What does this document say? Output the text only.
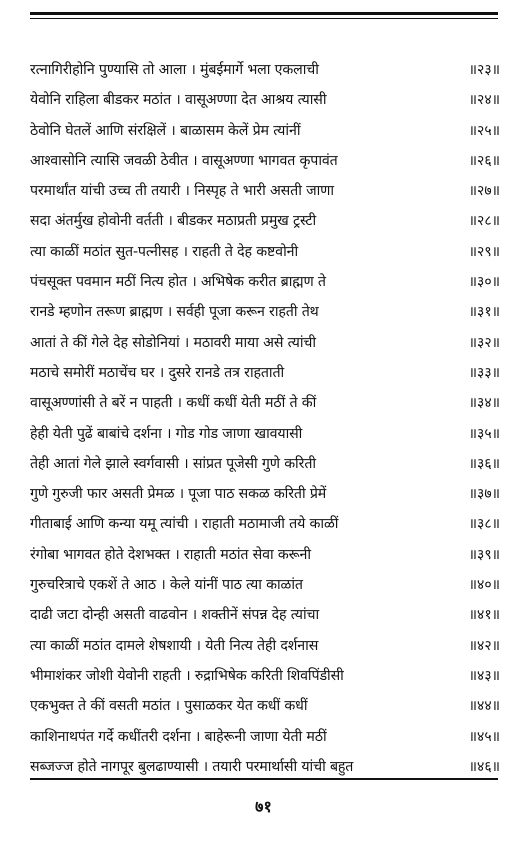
रत्नागिरीहोनि पुण्यासि तो आला । मुंबईमार्गे भला एकलाची	॥२३॥
येवोनि राहिला बीडकर मठांत । वासूअण्णा देत आश्रय त्यासी	॥२४॥
ठेवोनि घेतलें आणि संरक्षिलें । बाळासम केलें प्रेम त्यांनीं	॥२५॥
आश्वासोनि त्यासि जवळी ठेवीत । वासूअण्णा भागवत कृपावंत	॥२६॥
परमार्थांत यांची उच्च ती तयारी । निस्पृह ते भारी असती जाणा	॥२७॥
सदा अंतर्मुख होवोनी वर्तती । बीडकर मठाप्रती प्रमुख ट्रस्टी	॥२८॥
त्या काळीं मठांत सुत-पत्नीसह । राहती ते देह कष्टवोनी	॥२९॥
पंचसूक्त पवमान मठीं नित्य होत । अभिषेक करीत ब्राह्मण ते	॥३०॥
रानडे म्हणोन तरूण ब्राह्मण । सर्वही पूजा करून राहती तेथ	॥३१॥
आतां ते कीं गेले देह सोडोनियां । मठावरी माया असे त्यांची	॥३२॥
मठाचे समोरीं मठाचेंच घर । दुसरे रानडे तत्र राहताती	॥३३॥
वासूअण्णांसी ते बरें न पाहती । कधीं कधीं येती मठीं ते कीं	॥३४॥
हेही येती पुढें बाबांचे दर्शना । गोड गोड जाणा खावयासी	॥३५॥
तेही आतां गेले झाले स्वर्गवासी । सांप्रत पूजेसी गुणे करिती	॥३६॥
गुणे गुरुजी फार असती प्रेमळ । पूजा पाठ सकळ करिती प्रेमें	॥३७॥
गीताबाई आणि कन्या यमू त्यांची । राहाती मठामाजी तये काळीं	॥३८॥
रंगोबा भागवत होते देशभक्त । राहाती मठांत सेवा करूनी	॥३९॥
गुरुचरित्राचे एकशें ते आठ । केले यांनीं पाठ त्या काळांत	॥४०॥
दाढी जटा दोन्ही असती वाढवोन । शक्तीनें संपन्न देह त्यांचा	॥४१॥
त्या काळीं मठांत दामले शेषशायी । येती नित्य तेही दर्शनास	॥४२॥
भीमाशंकर जोशी येवोनी राहती । रुद्राभिषेक करिती शिवपिंडीसी	॥४३॥
एकभुक्त ते कीं वसती मठांत । पुसाळकर येत कधीं कधीं	॥४४॥
काशिनाथपंत गर्दे कधींतरी दर्शना । बाहेरूनी जाणा येती मठीं	॥४५॥
सब्जज्ज होते नागपूर बुलढाण्यासी । तयारी परमार्थासी यांची बहुत	॥४६॥
७१
